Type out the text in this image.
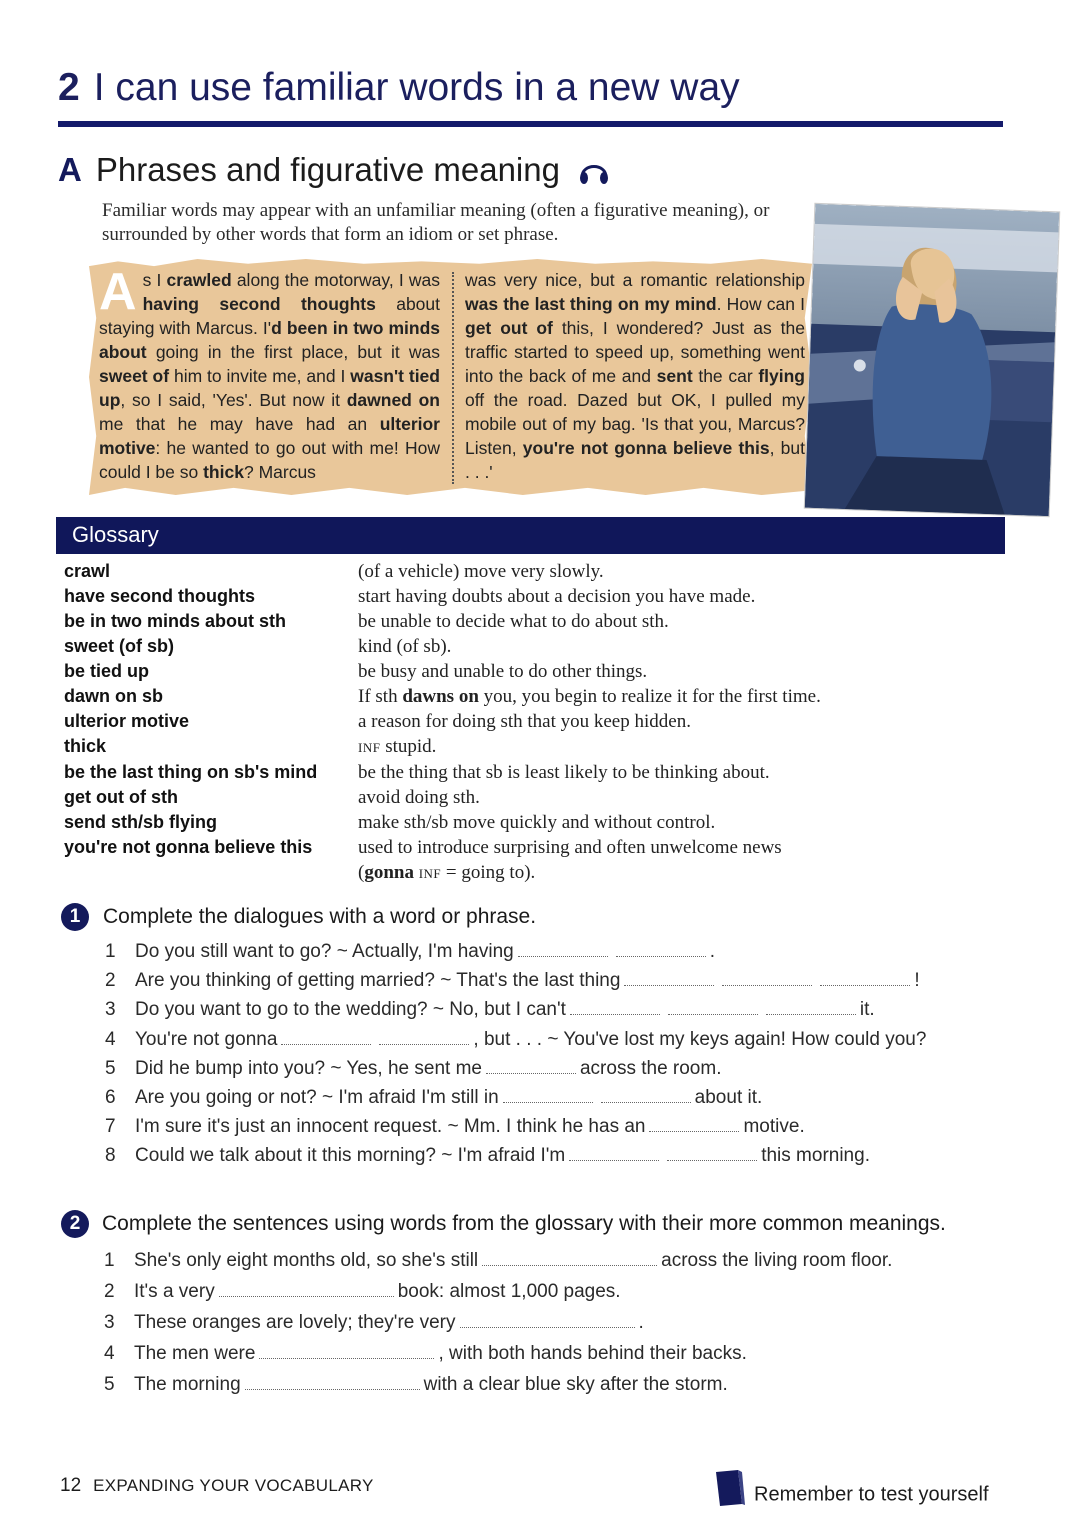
2 I can use familiar words in a new way
A Phrases and figurative meaning
Familiar words may appear with an unfamiliar meaning (often a figurative meaning), or surrounded by other words that form an idiom or set phrase.
As I crawled along the motorway, I was having second thoughts about staying with Marcus. I'd been in two minds about going in the first place, but it was sweet of him to invite me, and I wasn't tied up, so I said, 'Yes'. But now it dawned on me that he may have had an ulterior motive: he wanted to go out with me! How could I be so thick? Marcus
was very nice, but a romantic relationship was the last thing on my mind. How can I get out of this, I wondered? Just as the traffic started to speed up, something went into the back of me and sent the car flying off the road. Dazed but OK, I pulled my mobile out of my bag. 'Is that you, Marcus? Listen, you're not gonna believe this, but . . .'
Glossary
crawl	(of a vehicle) move very slowly.
have second thoughts	start having doubts about a decision you have made.
be in two minds about sth	be unable to decide what to do about sth.
sweet (of sb)	kind (of sb).
be tied up	be busy and unable to do other things.
dawn on sb	If sth dawns on you, you begin to realize it for the first time.
ulterior motive	a reason for doing sth that you keep hidden.
thick	INF stupid.
be the last thing on sb's mind	be the thing that sb is least likely to be thinking about.
get out of sth	avoid doing sth.
send sth/sb flying	make sth/sb move quickly and without control.
you're not gonna believe this	used to introduce surprising and often unwelcome news
(gonna INF = going to).
1	Complete the dialogues with a word or phrase.
1 Do you still want to go? ~ Actually, I'm having	.
2 Are you thinking of getting married? ~ That's the last thing	!
3 Do you want to go to the wedding? ~ No, but I can't	it.
4 You're not gonna	, but . . . ~ You've lost my keys again! How could you?
5 Did he bump into you? ~ Yes, he sent me	across the room.
6 Are you going or not? ~ I'm afraid I'm still in	about it.
7 I'm sure it's just an innocent request. ~ Mm. I think he has an	motive.
8 Could we talk about it this morning? ~ I'm afraid I'm	this morning.
2	Complete the sentences using words from the glossary with their more common meanings.
1 She's only eight months old, so she's still	across the living room floor.
2 It's a very	book: almost 1,000 pages.
3 These oranges are lovely; they're very	.
4 The men were	, with both hands behind their backs.
5 The morning	with a clear blue sky after the storm.
12 EXPANDING YOUR VOCABULARY	Remember to test yourself
